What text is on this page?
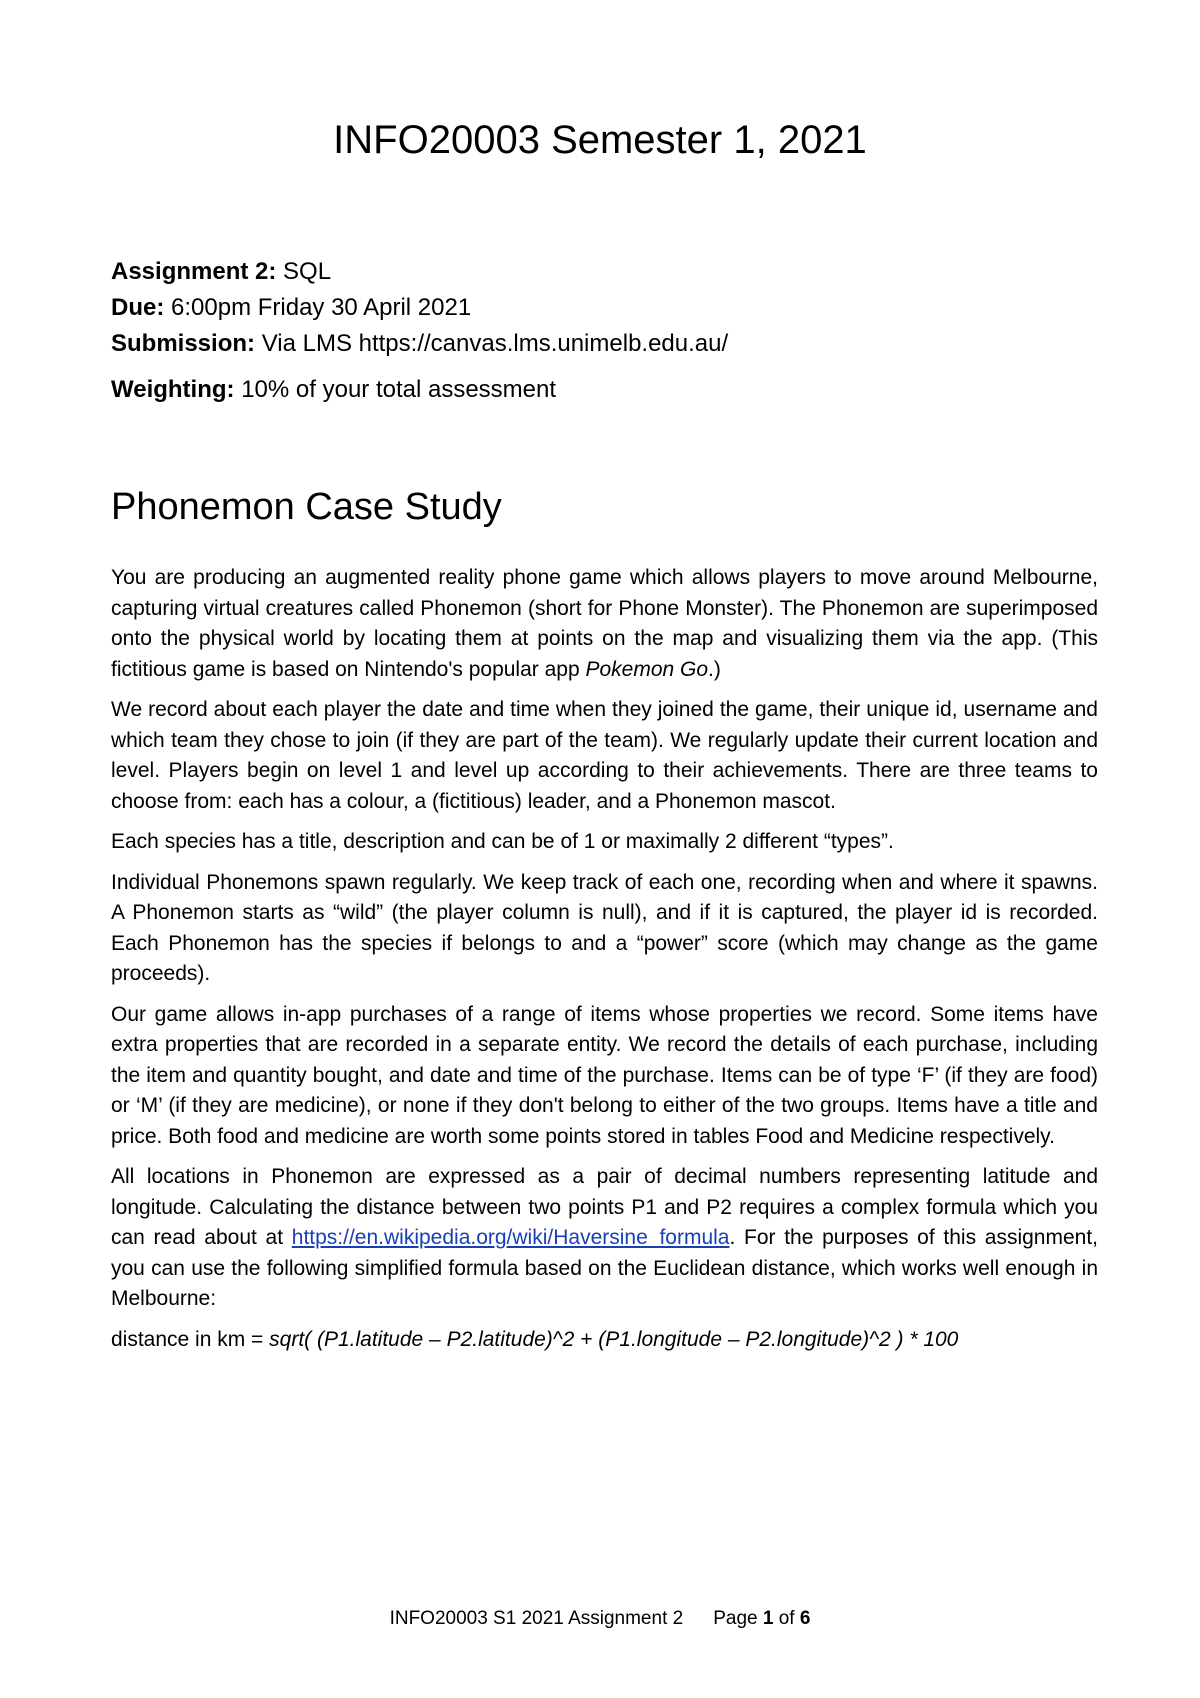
INFO20003 Semester 1, 2021
Assignment 2: SQL
Due: 6:00pm Friday 30 April 2021
Submission: Via LMS https://canvas.lms.unimelb.edu.au/
Weighting: 10% of your total assessment
Phonemon Case Study

You are producing an augmented reality phone game which allows players to move around Melbourne, capturing virtual creatures called Phonemon (short for Phone Monster). The Phonemon are superimposed onto the physical world by locating them at points on the map and visualizing them via the app. (This fictitious game is based on Nintendo's popular app Pokemon Go.)

We record about each player the date and time when they joined the game, their unique id, username and which team they chose to join (if they are part of the team). We regularly update their current location and level. Players begin on level 1 and level up according to their achievements. There are three teams to choose from: each has a colour, a (fictitious) leader, and a Phonemon mascot.

Each species has a title, description and can be of 1 or maximally 2 different “types”.

Individual Phonemons spawn regularly. We keep track of each one, recording when and where it spawns. A Phonemon starts as “wild” (the player column is null), and if it is captured, the player id is recorded. Each Phonemon has the species if belongs to and a “power” score (which may change as the game proceeds).

Our game allows in-app purchases of a range of items whose properties we record. Some items have extra properties that are recorded in a separate entity. We record the details of each purchase, including the item and quantity bought, and date and time of the purchase. Items can be of type ‘F’ (if they are food) or ‘M’ (if they are medicine), or none if they don't belong to either of the two groups. Items have a title and price. Both food and medicine are worth some points stored in tables Food and Medicine respectively.

All locations in Phonemon are expressed as a pair of decimal numbers representing latitude and longitude. Calculating the distance between two points P1 and P2 requires a complex formula which you can read about at https://en.wikipedia.org/wiki/Haversine_formula. For the purposes of this assignment, you can use the following simplified formula based on the Euclidean distance, which works well enough in Melbourne:

distance in km = sqrt( (P1.latitude – P2.latitude)^2 + (P1.longitude – P2.longitude)^2 ) * 100

INFO20003 S1 2021 Assignment 2 Page 1 of 6
